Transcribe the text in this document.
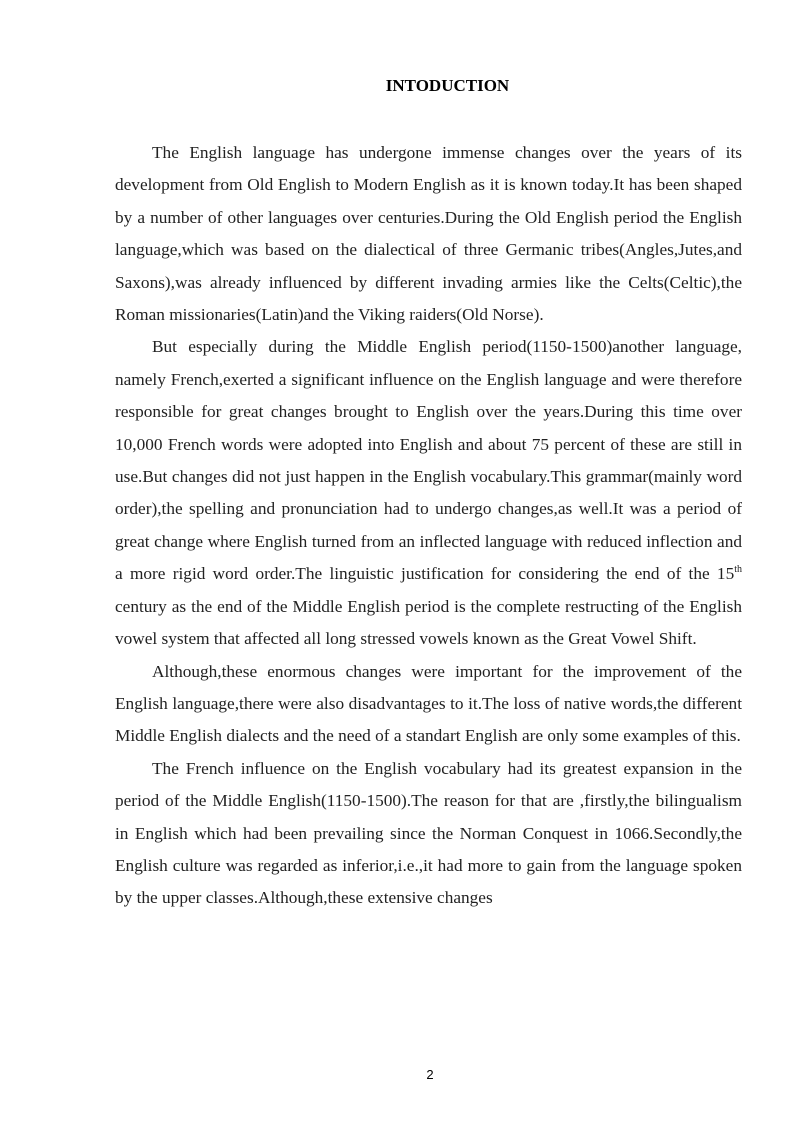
INTODUCTION

The English language has undergone immense changes over the years of its development from Old English to Modern English as it is known today.It has been shaped by a number of other languages over centuries.During the Old English period the English language,which was based on the dialectical of three Germanic tribes(Angles,Jutes,and Saxons),was already influenced by different invading armies like the Celts(Celtic),the Roman missionaries(Latin)and the Viking raiders(Old Norse).

But especially during the Middle English period(1150-1500)another language, namely French,exerted a significant influence on the English language and were therefore responsible for great changes brought to English over the years.During this time over 10,000 French words were adopted into English and about 75 percent of these are still in use.But changes did not just happen in the English vocabulary.This grammar(mainly word order),the spelling and pronunciation had to undergo changes,as well.It was a period of great change where English turned from an inflected language with reduced inflection and a more rigid word order.The linguistic justification for considering the end of the 15th century as the end of the Middle English period is the complete restructing of the English vowel system that affected all long stressed vowels known as the Great Vowel Shift.

Although,these enormous changes were important for the improvement of the English language,there were also disadvantages to it.The loss of native words,the different Middle English dialects and the need of a standart English are only some examples of this.

The French influence on the English vocabulary had its greatest expansion in the period of the Middle English(1150-1500).The reason for that are ,firstly,the bilingualism in English which had been prevailing since the Norman Conquest in 1066.Secondly,the English culture was regarded as inferior,i.e.,it had more to gain from the language spoken by the upper classes.Although,these extensive changes

2
